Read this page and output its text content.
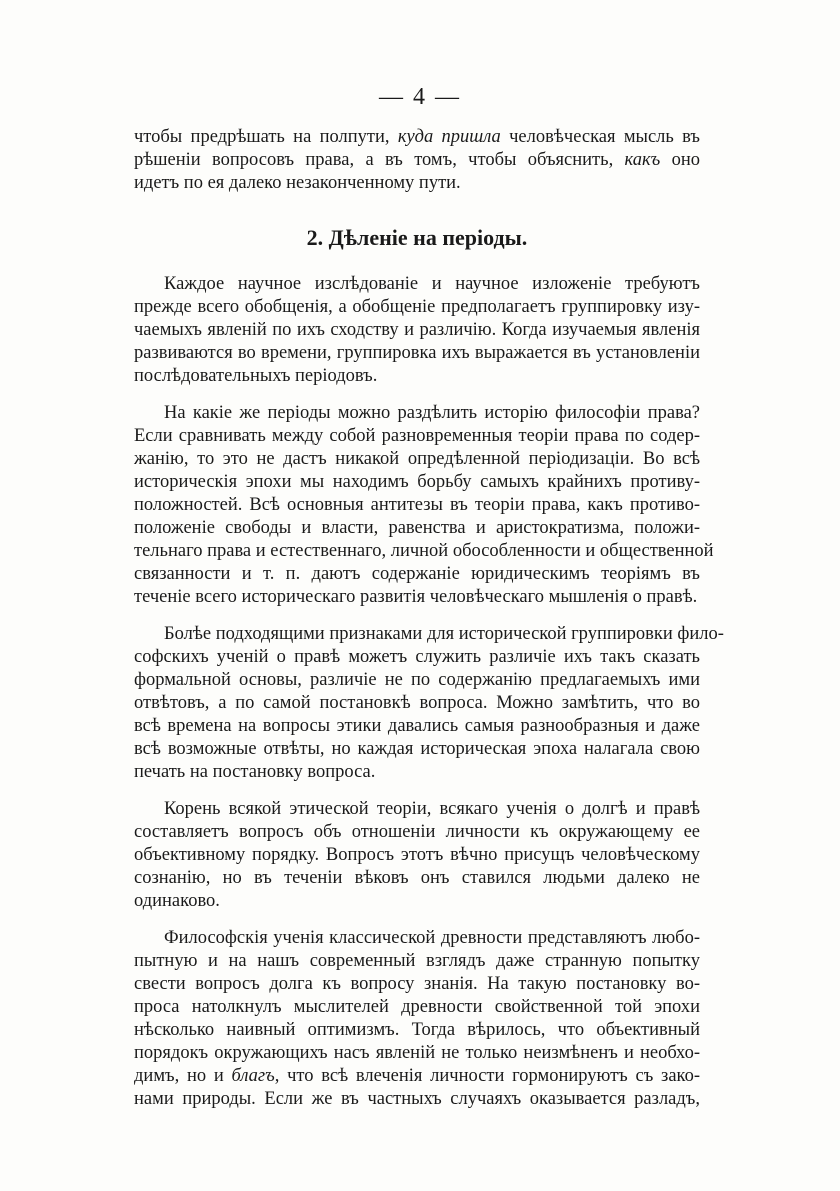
— 4 —
чтобы предрѣшать на полпути, куда пришла человѣческая мысль въ
рѣшеніи вопросовъ права, а въ томъ, чтобы объяснить, какъ оно
идетъ по ея далеко незаконченному пути.
2. Дѣленіе на періоды.
Каждое научное изслѣдованіе и научное изложеніе требуютъ
прежде всего обобщенія, а обобщеніе предполагаетъ группировку изу-
чаемыхъ явленій по ихъ сходству и различію. Когда изучаемыя явленія
развиваются во времени, группировка ихъ выражается въ установленіи
послѣдовательныхъ періодовъ.
На какіе же періоды можно раздѣлить исторію философіи права?
Если сравнивать между собой разновременныя теоріи права по содер-
жанію, то это не дастъ никакой опредѣленной періодизаціи. Во всѣ
историческія эпохи мы находимъ борьбу самыхъ крайнихъ противу-
положностей. Всѣ основныя антитезы въ теоріи права, какъ противо-
положеніе свободы и власти, равенства и аристократизма, положи-
тельнаго права и естественнаго, личной обособленности и общественной
связанности и т. п. даютъ содержаніе юридическимъ теоріямъ въ
теченіе всего историческаго развитія человѣческаго мышленія о правѣ.
Болѣе подходящими признаками для исторической группировки фило-
софскихъ ученій о правѣ можетъ служить различіе ихъ такъ сказать
формальной основы, различіе не по содержанію предлагаемыхъ ими
отвѣтовъ, а по самой постановкѣ вопроса. Можно замѣтить, что во
всѣ времена на вопросы этики давались самыя разнообразныя и даже
всѣ возможные отвѣты, но каждая историческая эпоха налагала свою
печать на постановку вопроса.
Корень всякой этической теоріи, всякаго ученія о долгѣ и правѣ
составляетъ вопросъ объ отношеніи личности къ окружающему ее
объективному порядку. Вопросъ этотъ вѣчно присущъ человѣческому
сознанію, но въ теченіи вѣковъ онъ ставился людьми далеко не
одинаково.
Философскія ученія классической древности представляютъ любо-
пытную и на нашъ современный взглядъ даже странную попытку
свести вопросъ долга къ вопросу знанія. На такую постановку во-
проса натолкнулъ мыслителей древности свойственной той эпохи
нѣсколько наивный оптимизмъ. Тогда вѣрилось, что объективный
порядокъ окружающихъ насъ явленій не только неизмѣненъ и необхо-
димъ, но и благъ, что всѣ влеченія личности гормонируютъ съ зако-
нами природы. Если же въ частныхъ случаяхъ оказывается разладъ,
